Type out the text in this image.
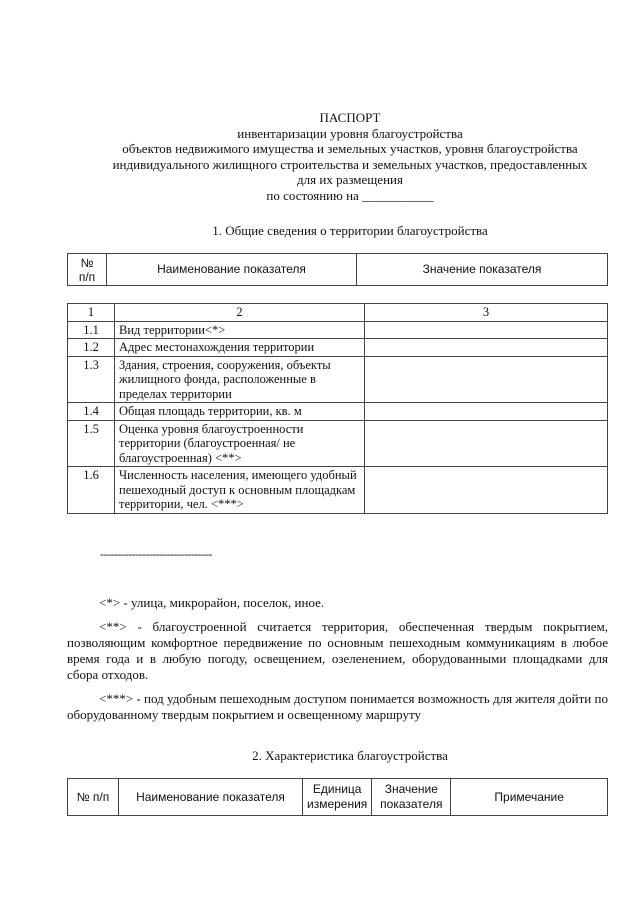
ПАСПОРТ
инвентаризации уровня благоустройства
объектов недвижимого имущества и земельных участков, уровня благоустройства
индивидуального жилищного строительства и земельных участков, предоставленных
для их размещения
по состоянию на ___________
1. Общие сведения о территории благоустройства
№
п/п	Наименование показателя	Значение показателя
1	2	3
1.1	Вид территории<*>	
1.2	Адрес местонахождения территории	
1.3	Здания, строения, сооружения, объекты жилищного фонда, расположенные в пределах территории	
1.4	Общая площадь территории, кв. м	
1.5	Оценка уровня благоустроенности территории (благоустроенная/ не благоустроенная) <**>	
1.6	Численность населения, имеющего удобный пешеходный доступ к основным площадкам территории, чел. <***>	
--------------------------------

<*> - улица, микрорайон, поселок, иное.

<**> - благоустроенной считается территория, обеспеченная твердым покрытием, позволяющим комфортное передвижение по основным пешеходным коммуникациям в любое время года и в любую погоду, освещением, озеленением, оборудованными площадками для сбора отходов.

<***> - под удобным пешеходным доступом понимается возможность для жителя дойти по оборудованному твердым покрытием и освещенному маршруту

2. Характеристика благоустройства
№ п/п	Наименование показателя	Единица измерения	Значение показателя	Примечание
